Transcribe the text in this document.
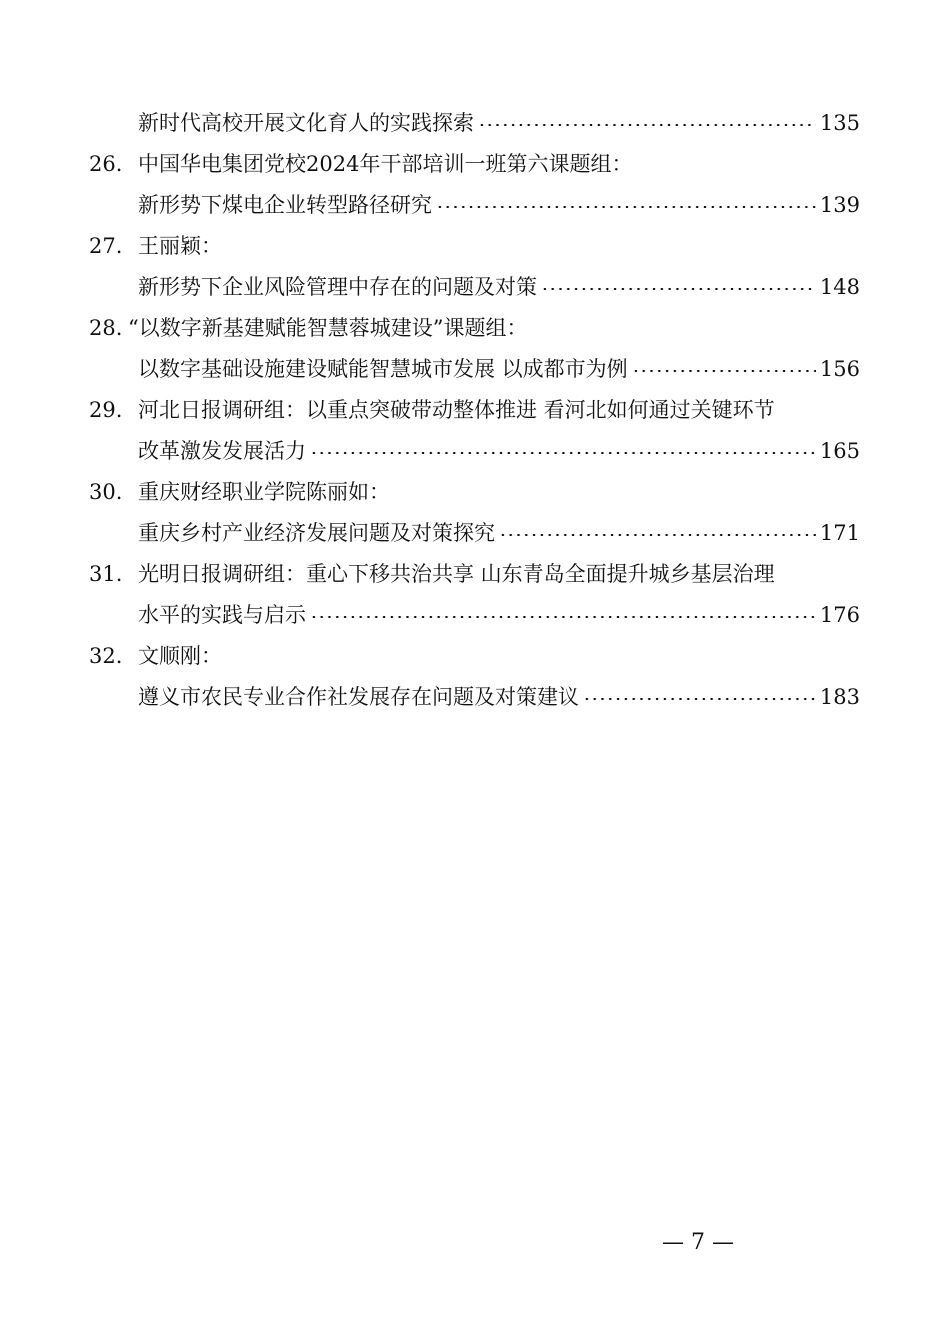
新时代高校开展文化育人的实践探索	135
26. 中国华电集团党校2024年干部培训一班第六课题组：
新形势下煤电企业转型路径研究	139
27. 王丽颖：
新形势下企业风险管理中存在的问题及对策	148
28. “以数字新基建赋能智慧蓉城建设”课题组：
以数字基础设施建设赋能智慧城市发展 以成都市为例	156
29. 河北日报调研组：以重点突破带动整体推进 看河北如何通过关键环节
改革激发发展活力	165
30. 重庆财经职业学院陈丽如：
重庆乡村产业经济发展问题及对策探究	171
31. 光明日报调研组：重心下移共治共享 山东青岛全面提升城乡基层治理
水平的实践与启示	176
32. 文顺刚：
遵义市农民专业合作社发展存在问题及对策建议	183
— 7 —
